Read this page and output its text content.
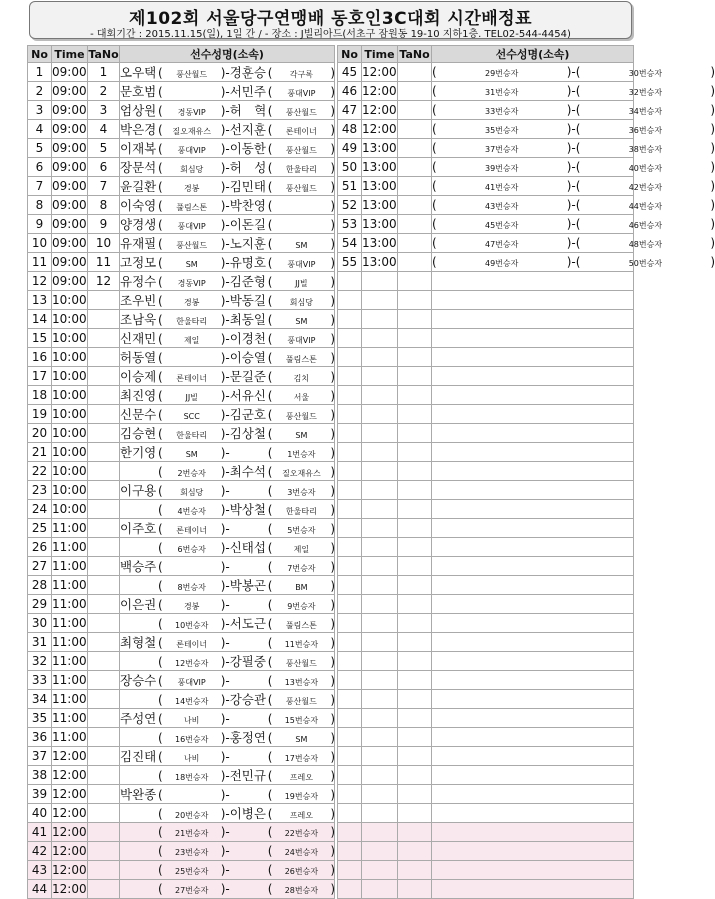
제102회 서울당구연맹배 동호인3C대회 시간배정표
- 대회기간 : 2015.11.15(일), 1일 간 / - 장소 : J빌리아드(서초구 잠원동 19-10 지하1층. TEL02-544-4454)
No	Time	TaNo	선수성명(소속)
1	09:00	1	오우택 ( 풍산월드 )-경훈승 ( 각구록 )
2	09:00	2	문호범 ( )-서민주 ( 풍대VIP )
3	09:00	3	엄상원 ( 경동VIP )-허　혁( 풍산월드 )
4	09:00	4	박은경 ( 질오재유스 )-선지훈 ( 론테이너 )
5	09:00	5	이재복 ( 풍대VIP )-이동한 ( 풍산월드 )
6	09:00	6	장문석 ( 회심당 )-허　성( 한울타리 )
7	09:00	7	윤길환 ( 경봉 )-김민태 ( 풍산월드 )
8	09:00	8	이숙영 ( 풀림스톤 )-박찬영 ( )
9	09:00	9	양경생 ( 풍대VIP )-이돈길 ( )
10	09:00	10	유재필 ( 풍산월드 )-노지훈 ( SM )
11	09:00	11	고정모 ( SM )-유명호 ( 풍대VIP )
12	09:00	12	유정수 ( 경동VIP )-김준형 ( JJ빌 )
13	10:00		조우빈 ( 경봉 )-박동길 ( 회심당 )
14	10:00		조남욱 ( 한울타리 )-최동일 ( SM )
15	10:00		신재민 ( 제일 )-이경천 ( 풍대VIP )
16	10:00		허동열 ( )-이승열 ( 풀림스톤 )
17	10:00		이승제 ( 론테이너 )-문길준 ( 김치 )
18	10:00		최진영 ( JJ빌 )-서유신 ( 서울 )
19	10:00		신문수 ( SCC )-김군호 ( 풍산월드 )
20	10:00		김승현 ( 한울타리 )-김상철 ( SM )
21	10:00		한기영 ( SM )- ( 1번승자 )
22	10:00		( 2번승자 )-최수석 ( 질오재유스 )
23	10:00		이구용 ( 회심당 )- ( 3번승자 )
24	10:00		( 4번승자 )-박상철 ( 한울타리 )
25	11:00		이주호 ( 론테이너 )- ( 5번승자 )
26	11:00		( 6번승자 )-신태섭 ( 제일 )
27	11:00		백승주 ( )- ( 7번승자 )
28	11:00		( 8번승자 )-박봉곤 ( BM )
29	11:00		이은권 ( 경봉 )- ( 9번승자 )
30	11:00		( 10번승자 )-서도근 ( 풀림스톤 )
31	11:00		최형철 ( 론테이너 )- ( 11번승자 )
32	11:00		( 12번승자 )-강필중 ( 풍산월드 )
33	11:00		장승수 ( 풍대VIP )- ( 13번승자 )
34	11:00		( 14번승자 )-강승관 ( 풍산월드 )
35	11:00		주성연 ( 나비 )- ( 15번승자 )
36	11:00		( 16번승자 )-홍정연 ( SM )
37	12:00		김진태 ( 나비 )- ( 17번승자 )
38	12:00		( 18번승자 )-전민규 ( 프레오 )
39	12:00		박완종 ( )- ( 19번승자 )
40	12:00		( 20번승자 )-이병은 ( 프레오 )
41	12:00		( 21번승자 )- ( 22번승자 )
42	12:00		( 23번승자 )- ( 24번승자 )
43	12:00		( 25번승자 )- ( 26번승자 )
44	12:00		( 27번승자 )- ( 28번승자 )
No	Time	TaNo	선수성명(소속)
45	12:00		( 29번승자 )-( 30번승자 )
46	12:00		( 31번승자 )-( 32번승자 )
47	12:00		( 33번승자 )-( 34번승자 )
48	12:00		( 35번승자 )-( 36번승자 )
49	13:00		( 37번승자 )-( 38번승자 )
50	13:00		( 39번승자 )-( 40번승자 )
51	13:00		( 41번승자 )-( 42번승자 )
52	13:00		( 43번승자 )-( 44번승자 )
53	13:00		( 45번승자 )-( 46번승자 )
54	13:00		( 47번승자 )-( 48번승자 )
55	13:00		( 49번승자 )-( 50번승자 )
